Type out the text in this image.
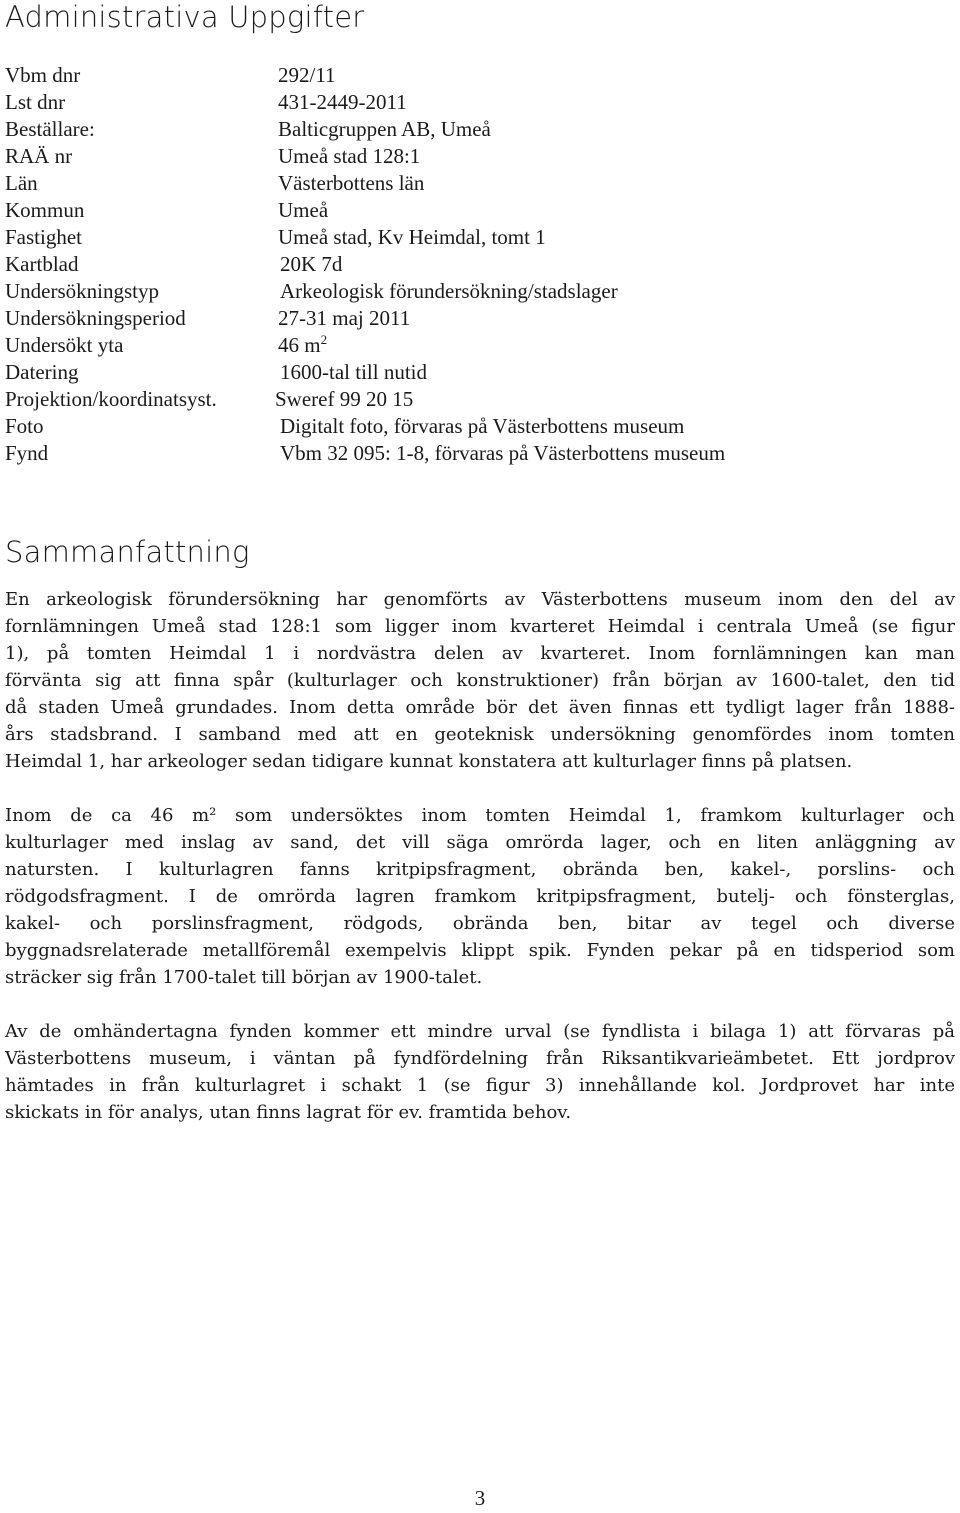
Administrativa Uppgifter
Vbm dnr	292/11
Lst dnr	431-2449-2011
Beställare:	Balticgruppen AB, Umeå
RAÄ nr	Umeå stad 128:1
Län	Västerbottens län
Kommun	Umeå
Fastighet	Umeå stad, Kv Heimdal, tomt 1
Kartblad	20K 7d
Undersökningstyp	Arkeologisk förundersökning/stadslager
Undersökningsperiod	27-31 maj 2011
Undersökt yta	46 $m^2$
Datering	1600-tal till nutid
Projektion/koordinatsyst.	Sweref 99 20 15
Foto	Digitalt foto, förvaras på Västerbottens museum
Fynd	Vbm 32 095: 1-8, förvaras på Västerbottens museum
Sammanfattning
En arkeologisk förundersökning har genomförts av Västerbottens museum inom den del av
fornlämningen Umeå stad 128:1 som ligger inom kvarteret Heimdal i centrala Umeå (se figur
1), på tomten Heimdal 1 i nordvästra delen av kvarteret. Inom fornlämningen kan man
förvänta sig att finna spår (kulturlager och konstruktioner) från början av 1600-talet, den tid
då staden Umeå grundades. Inom detta område bör det även finnas ett tydligt lager från 1888-
års stadsbrand. I samband med att en geoteknisk undersökning genomfördes inom tomten
Heimdal 1, har arkeologer sedan tidigare kunnat konstatera att kulturlager finns på platsen.
Inom de ca 46 m² som undersöktes inom tomten Heimdal 1, framkom kulturlager och
kulturlager med inslag av sand, det vill säga omrörda lager, och en liten anläggning av
natursten. I kulturlagren fanns kritpipsfragment, obrända ben, kakel-, porslins- och
rödgodsfragment. I de omrörda lagren framkom kritpipsfragment, butelj- och fönsterglas,
kakel- och porslinsfragment, rödgods, obrända ben, bitar av tegel och diverse
byggnadsrelaterade metallföremål exempelvis klippt spik. Fynden pekar på en tidsperiod som
sträcker sig från 1700-talet till början av 1900-talet.
Av de omhändertagna fynden kommer ett mindre urval (se fyndlista i bilaga 1) att förvaras på
Västerbottens museum, i väntan på fyndfördelning från Riksantikvarieämbetet. Ett jordprov
hämtades in från kulturlagret i schakt 1 (se figur 3) innehållande kol. Jordprovet har inte
skickats in för analys, utan finns lagrat för ev. framtida behov.
3
